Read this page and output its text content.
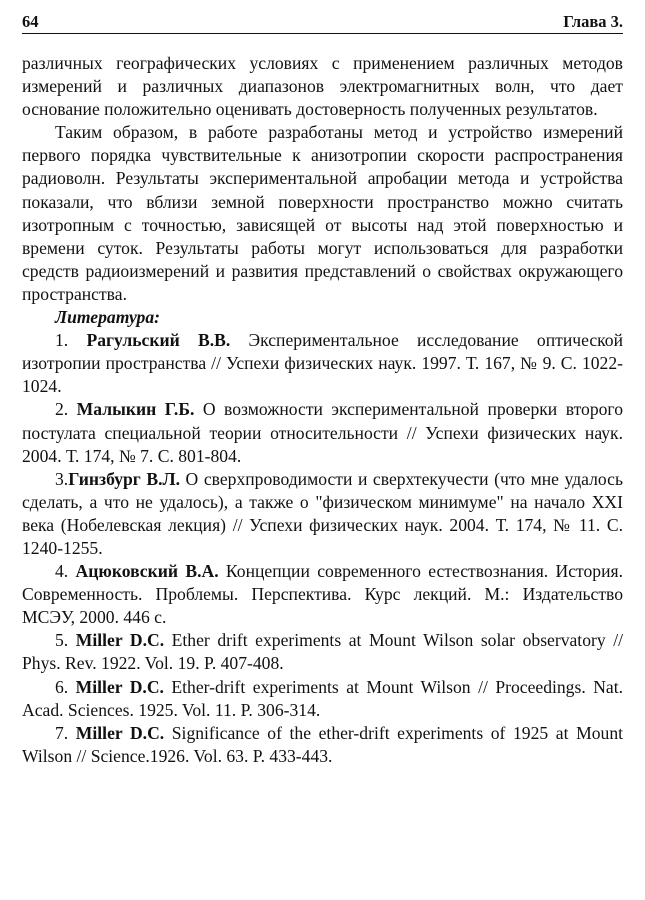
64	Глава 3.

различных географических условиях с применением различных методов измерений и различных диапазонов электромагнитных волн, что дает основание положительно оценивать достоверность полученных результатов.

Таким образом, в работе разработаны метод и устройство измерений первого порядка чувствительные к анизотропии скорости распространения радиоволн. Результаты экспериментальной апробации метода и устройства показали, что вблизи земной поверхности пространство можно считать изотропным с точностью, зависящей от высоты над этой поверхностью и времени суток. Результаты работы могут использоваться для разработки средств радиоизмерений и развития представлений о свойствах окружающего пространства.

Литература:

1. Рагульский В.В. Экспериментальное исследование оптической изотропии пространства // Успехи физических наук. 1997. Т. 167, № 9. С. 1022-1024.

2. Малыкин Г.Б. О возможности экспериментальной проверки второго постулата специальной теории относительности // Успехи физических наук. 2004. Т. 174, № 7. С. 801-804.

3.Гинзбург В.Л. О сверхпроводимости и сверхтекучести (что мне удалось сделать, а что не удалось), а также о "физическом минимуме" на начало XXI века (Нобелевская лекция) // Успехи физических наук. 2004. Т. 174, № 11. С. 1240-1255.

4. Ацюковский В.А. Концепции современного естествознания. История. Современность. Проблемы. Перспектива. Курс лекций. М.: Издательство МСЭУ, 2000. 446 с.

5. Miller D.C. Ether drift experiments at Mount Wilson solar observatory // Phys. Rev. 1922. Vol. 19. P. 407-408.

6. Miller D.C. Ether-drift experiments at Mount Wilson // Proceedings. Nat. Acad. Sciences. 1925. Vol. 11. P. 306-314.

7. Miller D.C. Significance of the ether-drift experiments of 1925 at Mount Wilson // Science.1926. Vol. 63. P. 433-443.
